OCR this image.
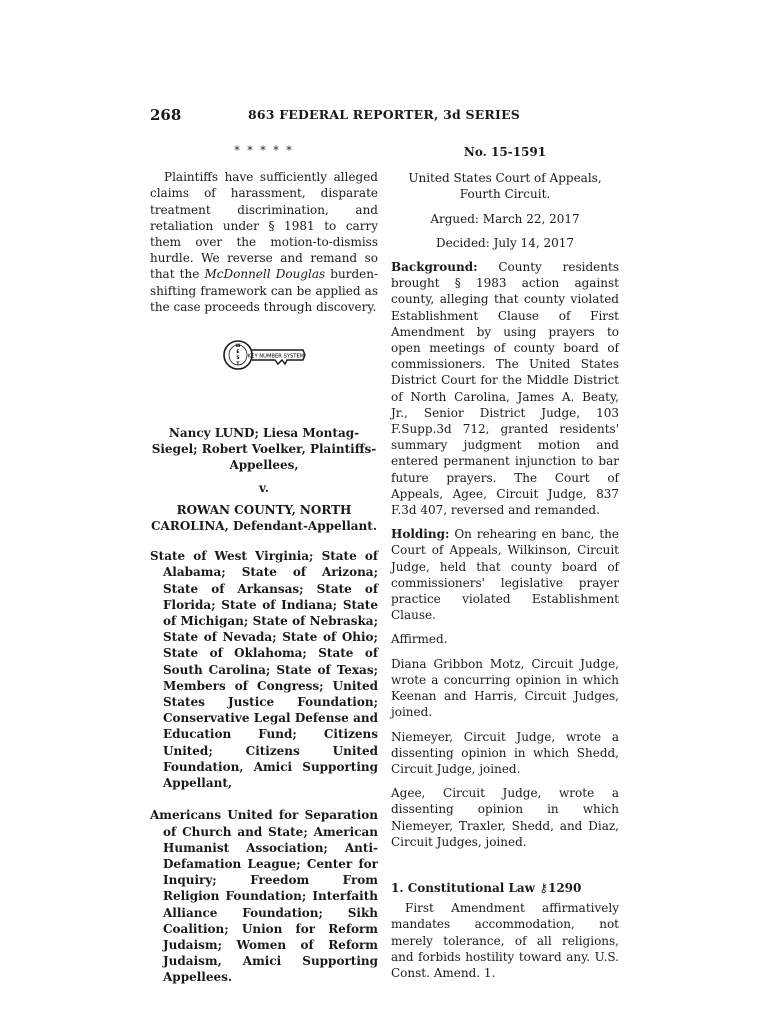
268	863 FEDERAL REPORTER, 3d SERIES
* * * * *

Plaintiffs have sufficiently alleged claims of harassment, disparate treatment discrimination, and retaliation under § 1981 to carry them over the motion-to-dismiss hurdle. We reverse and remand so that the McDonnell Douglas burden-shifting framework can be applied as the case proceeds through discovery.

W
E
S
T
KEY NUMBER SYSTEM

Nancy LUND; Liesa Montag-Siegel; Robert Voelker, Plaintiffs-Appellees,

v.

ROWAN COUNTY, NORTH CAROLINA, Defendant-Appellant.

State of West Virginia; State of Alabama; State of Arizona; State of Arkansas; State of Florida; State of Indiana; State of Michigan; State of Nebraska; State of Nevada; State of Ohio; State of Oklahoma; State of South Carolina; State of Texas; Members of Congress; United States Justice Foundation; Conservative Legal Defense and Education Fund; Citizens United; Citizens United Foundation, Amici Supporting Appellant,

Americans United for Separation of Church and State; American Humanist Association; Anti-Defamation League; Center for Inquiry; Freedom From Religion Foundation; Interfaith Alliance Foundation; Sikh Coalition; Union for Reform Judaism; Women of Reform Judaism, Amici Supporting Appellees.

No. 15-1591

United States Court of Appeals, Fourth Circuit.

Argued: March 22, 2017

Decided: July 14, 2017

Background: County residents brought § 1983 action against county, alleging that county violated Establishment Clause of First Amendment by using prayers to open meetings of county board of commissioners. The United States District Court for the Middle District of North Carolina, James A. Beaty, Jr., Senior District Judge, 103 F.Supp.3d 712, granted residents' summary judgment motion and entered permanent injunction to bar future prayers. The Court of Appeals, Agee, Circuit Judge, 837 F.3d 407, reversed and remanded.

Holding: On rehearing en banc, the Court of Appeals, Wilkinson, Circuit Judge, held that county board of commissioners' legislative prayer practice violated Establishment Clause.

Affirmed.

Diana Gribbon Motz, Circuit Judge, wrote a concurring opinion in which Keenan and Harris, Circuit Judges, joined.

Niemeyer, Circuit Judge, wrote a dissenting opinion in which Shedd, Circuit Judge, joined.

Agee, Circuit Judge, wrote a dissenting opinion in which Niemeyer, Traxler, Shedd, and Diaz, Circuit Judges, joined.

1. Constitutional Law ⚷1290

First Amendment affirmatively mandates accommodation, not merely tolerance, of all religions, and forbids hostility toward any. U.S. Const. Amend. 1.
